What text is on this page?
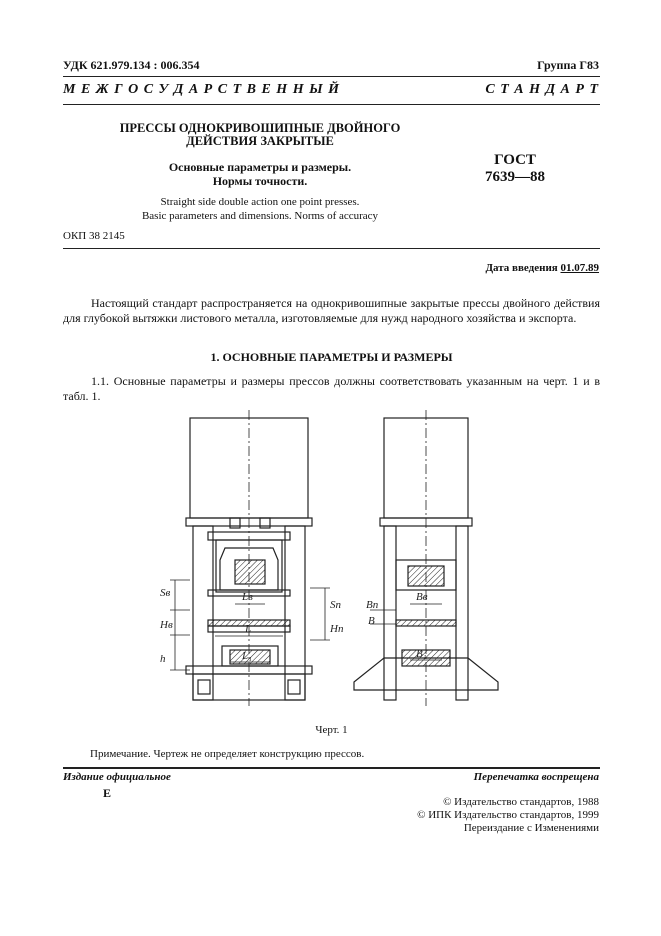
УДК 621.979.134 : 006.354	Группа Г83
М Е Ж Г О С У Д А Р С Т В Е Н Н Ы Й	С Т А Н Д А Р Т
ПРЕССЫ ОДНОКРИВОШИПНЫЕ ДВОЙНОГО
ДЕЙСТВИЯ ЗАКРЫТЫЕ
Основные параметры и размеры.
Нормы точности.
Straight side double action one point presses.
Basic parameters and dimensions. Norms of accuracy
ГОСТ
7639—88
ОКП 38 2145
Дата введения 01.07.89
Настоящий стандарт распространяется на однокривошипные закрытые прессы двойного действия для глубокой вытяжки листового металла, изготовляемые для нужд народного хозяйства и экспорта.
1. ОСНОВНЫЕ ПАРАМЕТРЫ И РАЗМЕРЫ
1.1. Основные параметры и размеры прессов должны соответствовать указанным на черт. 1 и в табл. 1.
Sв
Hв
h
Lв
L
L₁
Sп
Hп
Bп
B
Bв
B₁
Черт. 1
Примечание. Чертеж не определяет конструкцию прессов.
Издание официальное	Перепечатка воспрещена
Е
© Издательство стандартов, 1988
© ИПК Издательство стандартов, 1999
Переиздание с Изменениями
